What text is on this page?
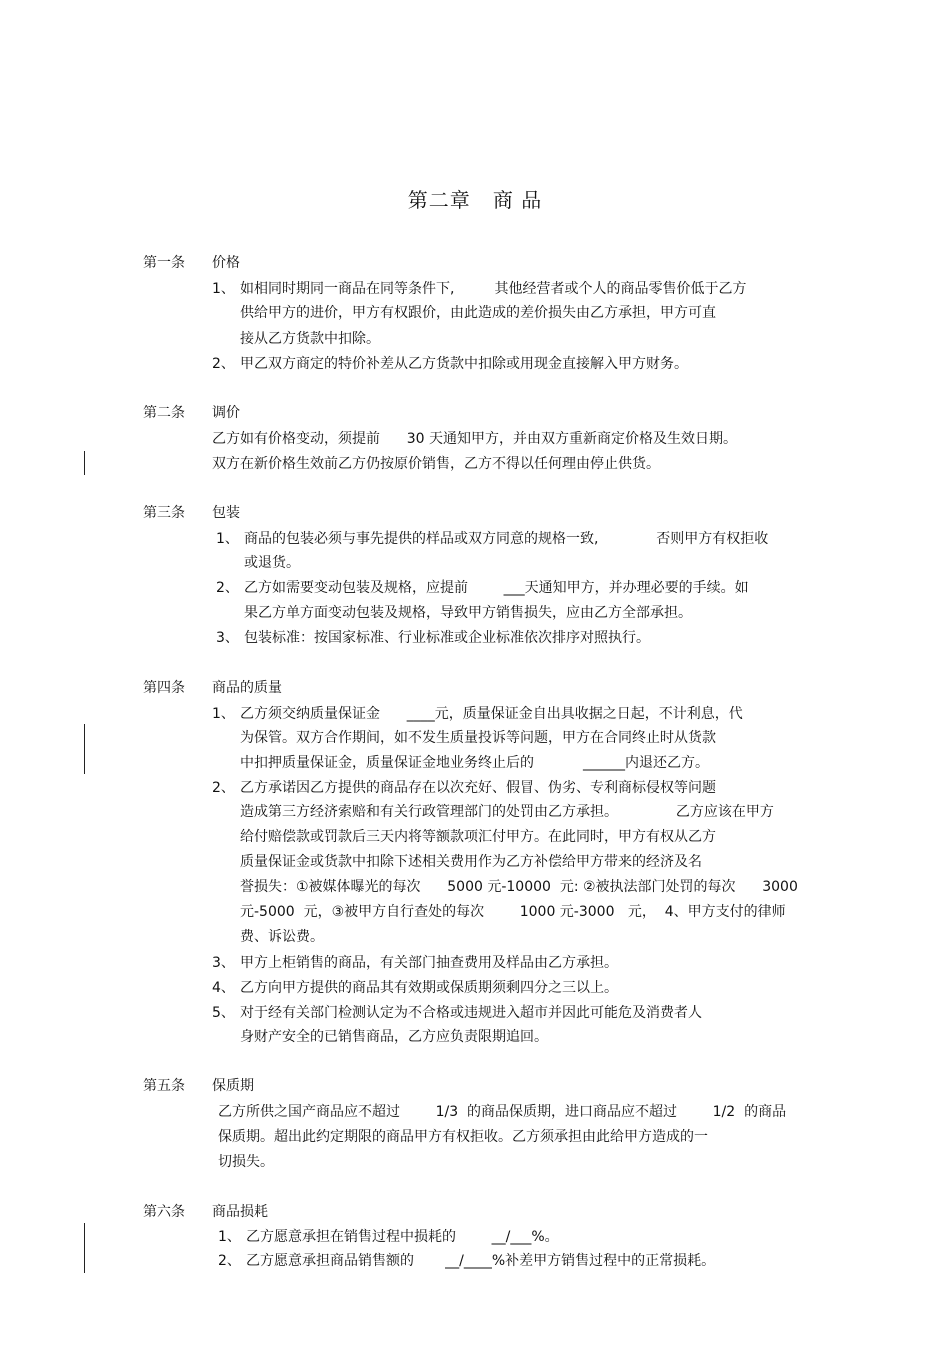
第二章   商 品
第一条 价格
1、 如相同时期同一商品在同等条件下,         其他经营者或个人的商品零售价低于乙方
供给甲方的进价，甲方有权跟价，由此造成的差价损失由乙方承担，甲方可直
接从乙方货款中扣除。
2、 甲乙双方商定的特价补差从乙方货款中扣除或用现金直接解入甲方财务。
第二条 调价
乙方如有价格变动，须提前      30 天通知甲方，并由双方重新商定价格及生效日期。
双方在新价格生效前乙方仍按原价销售，乙方不得以任何理由停止供货。
第三条 包装
1、 商品的包装必须与事先提供的样品或双方同意的规格一致,             否则甲方有权拒收
或退货。
2、 乙方如需要变动包装及规格，应提前        ___天通知甲方，并办理必要的手续。如
果乙方单方面变动包装及规格，导致甲方销售损失，应由乙方全部承担。
3、 包装标准：按国家标准、行业标准或企业标准依次排序对照执行。
第四条 商品的质量
1、 乙方须交纳质量保证金      ____元，质量保证金自出具收据之日起，不计利息，代
为保管。双方合作期间，如不发生质量投诉等问题，甲方在合同终止时从货款
中扣押质量保证金，质量保证金地业务终止后的           ______内退还乙方。
2、 乙方承诺因乙方提供的商品存在以次充好、假冒、伪劣、专利商标侵权等问题
造成第三方经济索赔和有关行政管理部门的处罚由乙方承担。             乙方应该在甲方
给付赔偿款或罚款后三天内将等额款项汇付甲方。在此同时，甲方有权从乙方
质量保证金或货款中扣除下述相关费用作为乙方补偿给甲方带来的经济及名
誉损失：①被媒体曝光的每次      5000 元-10000  元: ②被执法部门处罚的每次      3000
元-5000  元，③被甲方自行查处的每次        1000 元-3000   元，  4、甲方支付的律师
费、诉讼费。
3、 甲方上柜销售的商品，有关部门抽查费用及样品由乙方承担。
4、 乙方向甲方提供的商品其有效期或保质期须剩四分之三以上。
5、 对于经有关部门检测认定为不合格或违规进入超市并因此可能危及消费者人
身财产安全的已销售商品，乙方应负责限期追回。
第五条 保质期
乙方所供之国产商品应不超过        1/3  的商品保质期，进口商品应不超过        1/2  的商品
保质期。超出此约定期限的商品甲方有权拒收。乙方须承担由此给甲方造成的一
切损失。
第六条 商品损耗
1、 乙方愿意承担在销售过程中损耗的        __/___%。
2、 乙方愿意承担商品销售额的       __/____%补差甲方销售过程中的正常损耗。
